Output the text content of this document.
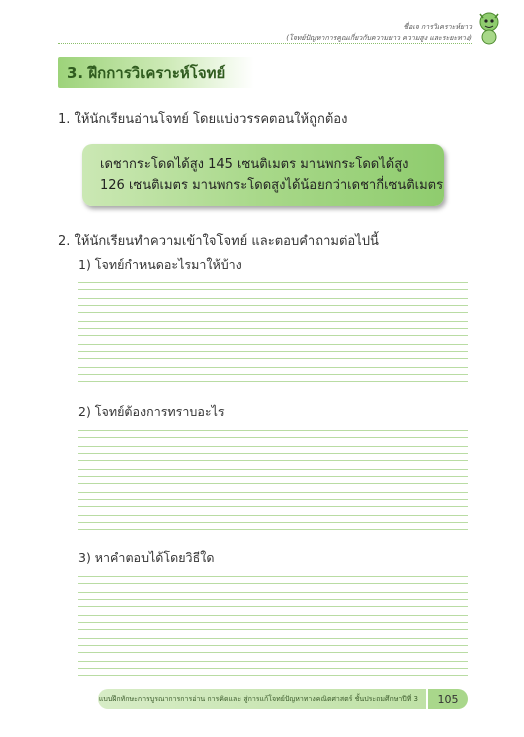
ชื่อเจ การวิเคราะห์ยาว
(โจทย์ปัญหาการคูณเกี่ยวกับความยาว ความสูง และระยะทาง)
3. ฝึกการวิเคราะห์โจทย์
1. ให้นักเรียนอ่านโจทย์ โดยแบ่งวรรคตอนให้ถูกต้อง
เดชากระโดดได้สูง 145 เซนติเมตร มานพกระโดดได้สูง
126 เซนติเมตร มานพกระโดดสูงได้น้อยกว่าเดชากี่เซนติเมตร
2. ให้นักเรียนทำความเข้าใจโจทย์ และตอบคำถามต่อไปนี้
1) โจทย์กำหนดอะไรมาให้บ้าง
2) โจทย์ต้องการทราบอะไร
3) หาคำตอบได้โดยวิธีใด
แบบฝึกทักษะการบูรณาการการอ่าน การคิดและ สู่การแก้โจทย์ปัญหาทางคณิตศาสตร์ ชั้นประถมศึกษาปีที่ 3	105
